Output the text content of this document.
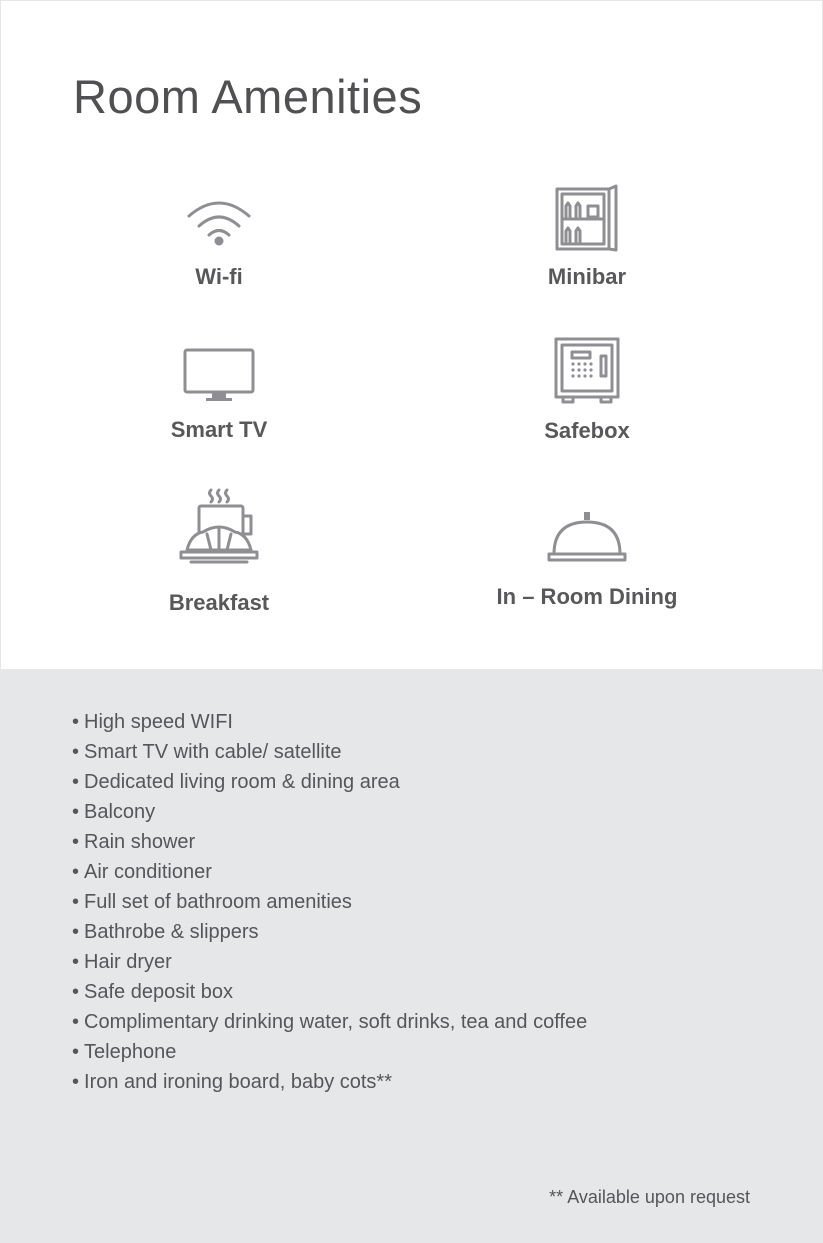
Room Amenities
Wi-fi	Minibar
Smart TV	Safebox
Breakfast	In – Room Dining
• High speed WIFI
• Smart TV with cable/ satellite
• Dedicated living room & dining area
• Balcony
• Rain shower
• Air conditioner
• Full set of bathroom amenities
• Bathrobe & slippers
• Hair dryer
• Safe deposit box
• Complimentary drinking water, soft drinks, tea and coffee
• Telephone
• Iron and ironing board, baby cots**
** Available upon request
